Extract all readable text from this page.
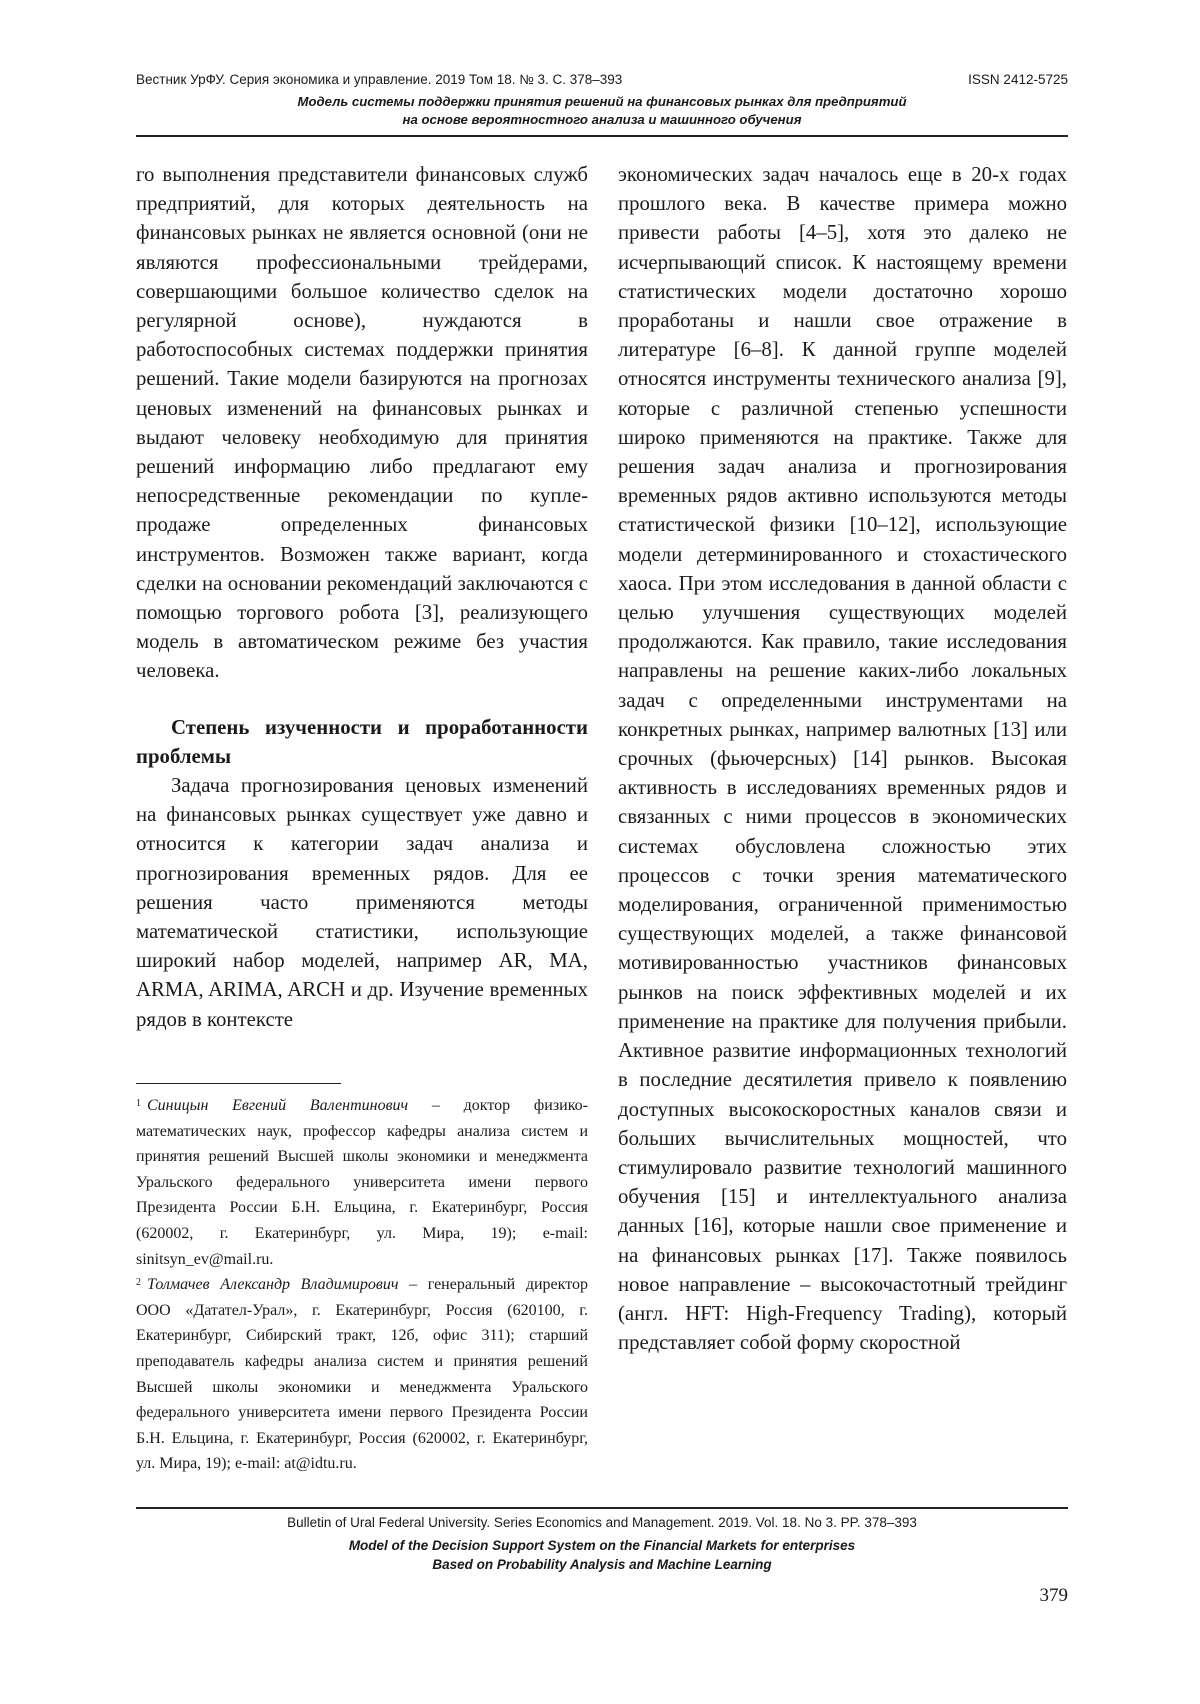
Вестник УрФУ. Серия экономика и управление. 2019 Том 18. № 3. С. 378–393	ISSN 2412-5725
Модель системы поддержки принятия решений на финансовых рынках для предприятий
на основе вероятностного анализа и машинного обучения

го выполнения представители финансовых служб предприятий, для которых деятельность на финансовых рынках не является основной (они не являются профессиональными трейдерами, совершающими большое количество сделок на регулярной основе), нуждаются в работоспособных системах поддержки принятия решений. Такие модели базируются на прогнозах ценовых изменений на финансовых рынках и выдают человеку необходимую для принятия решений информацию либо предлагают ему непосредственные рекомендации по купле-продаже определенных финансовых инструментов. Возможен также вариант, когда сделки на основании рекомендаций заключаются с помощью торгового робота [3], реализующего модель в автоматическом режиме без участия человека.

Степень изученности и проработанности проблемы

Задача прогнозирования ценовых изменений на финансовых рынках существует уже давно и относится к категории задач анализа и прогнозирования временных рядов. Для ее решения часто применяются методы математической статистики, использующие широкий набор моделей, например AR, MA, ARMA, ARIMA, ARCH и др. Изучение временных рядов в контексте

$^1$ Синицын Евгений Валентинович – доктор физико-математических наук, профессор кафедры анализа систем и принятия решений Высшей школы экономики и менеджмента Уральского федерального университета имени первого Президента России Б.Н. Ельцина, г. Екатеринбург, Россия (620002, г. Екатеринбург, ул. Мира, 19); e-mail: sinitsyn_ev@mail.ru.

$^2$ Толмачев Александр Владимирович – генеральный директор ООО «Датател-Урал», г. Екатеринбург, Россия (620100, г. Екатеринбург, Сибирский тракт, 12б, офис 311); старший преподаватель кафедры анализа систем и принятия решений Высшей школы экономики и менеджмента Уральского федерального университета имени первого Президента России Б.Н. Ельцина, г. Екатеринбург, Россия (620002, г. Екатеринбург, ул. Мира, 19); e-mail: at@idtu.ru.

экономических задач началось еще в 20-х годах прошлого века. В качестве примера можно привести работы [4–5], хотя это далеко не исчерпывающий список. К настоящему времени статистических модели достаточно хорошо проработаны и нашли свое отражение в литературе [6–8]. К данной группе моделей относятся инструменты технического анализа [9], которые с различной степенью успешности широко применяются на практике. Также для решения задач анализа и прогнозирования временных рядов активно используются методы статистической физики [10–12], использующие модели детерминированного и стохастического хаоса. При этом исследования в данной области с целью улучшения существующих моделей продолжаются. Как правило, такие исследования направлены на решение каких-либо локальных задач с определенными инструментами на конкретных рынках, например валютных [13] или срочных (фьючерсных) [14] рынков. Высокая активность в исследованиях временных рядов и связанных с ними процессов в экономических системах обусловлена сложностью этих процессов с точки зрения математического моделирования, ограниченной применимостью существующих моделей, а также финансовой мотивированностью участников финансовых рынков на поиск эффективных моделей и их применение на практике для получения прибыли. Активное развитие информационных технологий в последние десятилетия привело к появлению доступных высокоскоростных каналов связи и больших вычислительных мощностей, что стимулировало развитие технологий машинного обучения [15] и интеллектуального анализа данных [16], которые нашли свое применение и на финансовых рынках [17]. Также появилось новое направление – высокочастотный трейдинг (англ. HFT: High-Frequency Trading), который представляет собой форму скоростной

Bulletin of Ural Federal University. Series Economics and Management. 2019. Vol. 18. No 3. PP. 378–393
Model of the Decision Support System on the Financial Markets for enterprises
Based on Probability Analysis and Machine Learning
379
